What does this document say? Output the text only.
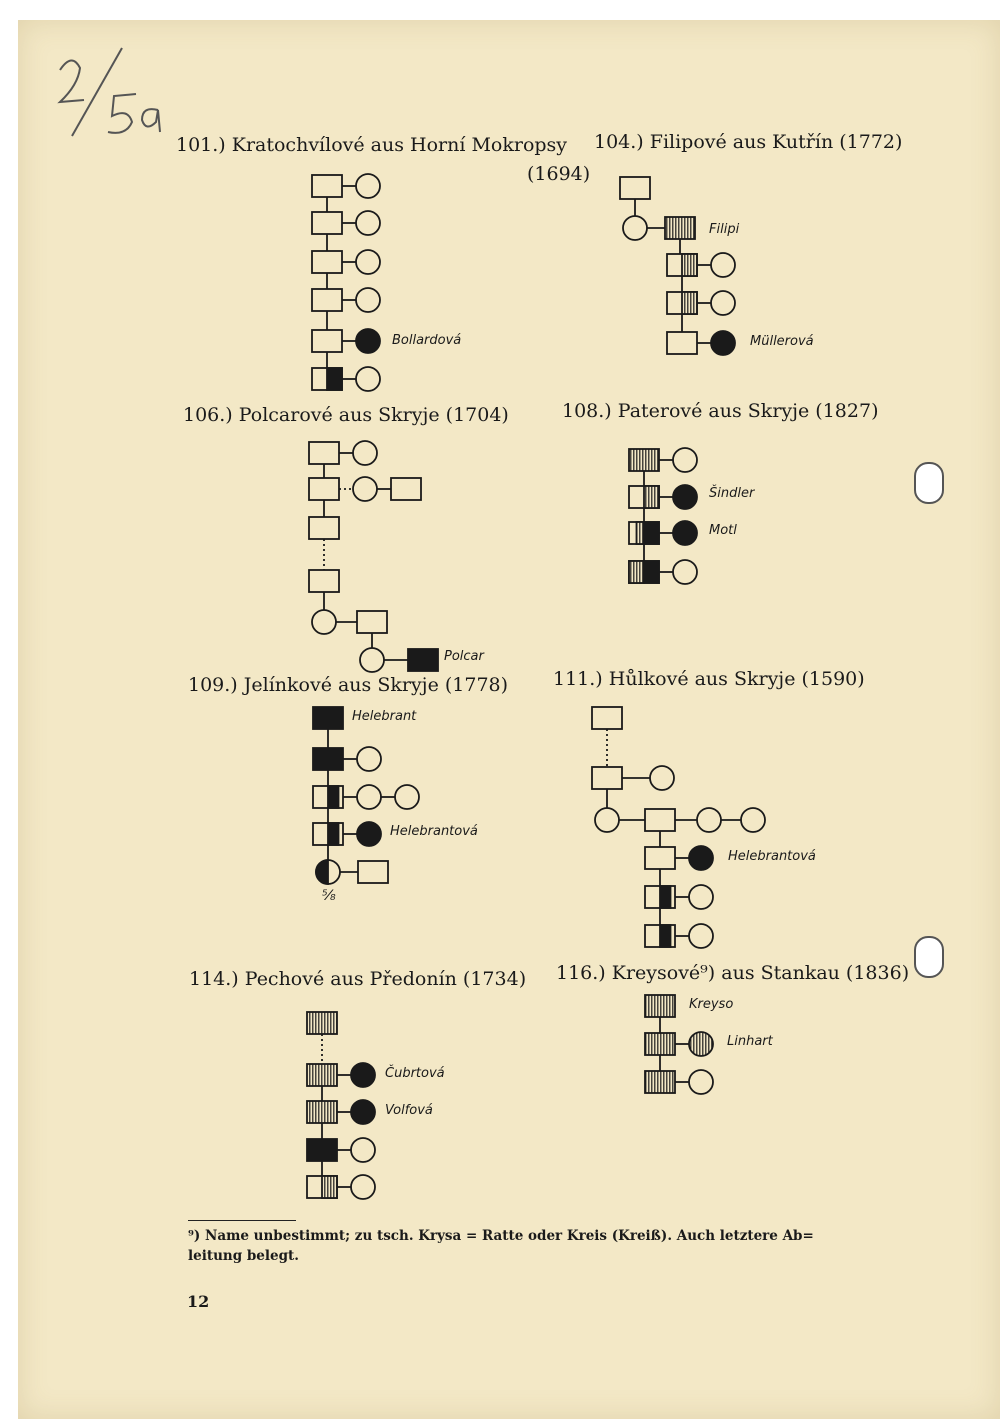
101.) Kratochvílové aus Horní Mokropsy 104.) Filipové aus Kutřín (1772)
(1694)
106.) Polcarové aus Skryje (1704)	108.) Paterové aus Skryje (1827)
109.) Jelínkové aus Skryje (1778) 111.) Hůlkové aus Skryje (1590)
114.) Pechové aus Předonín (1734) 116.) Kreysové⁹) aus Stankau (1836)
Bollardová
Filipi
Müllerová
Šindler
Motl
Polcar
Helebrant
Helebrantová
⁵⁄₈
Helebrantová
Čubrtová
Volfová
Kreyso
Linhart
⁹) Name unbestimmt; zu tsch. Krysa = Ratte oder Kreis (Kreiß). Auch letztere Ab=
leitung belegt.
12
